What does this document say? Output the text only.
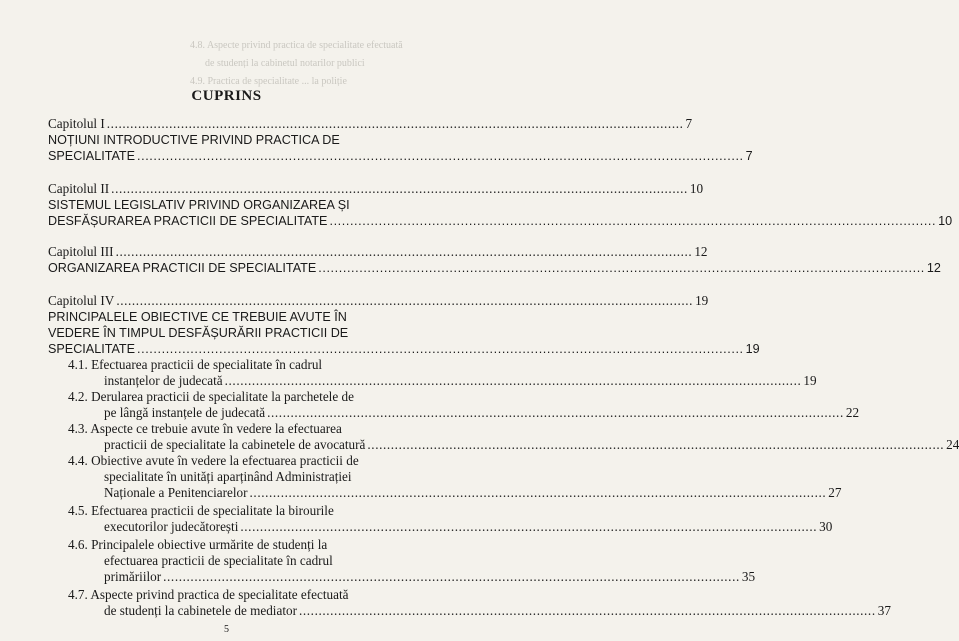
4.8. Aspecte privind practica de specialitate efectuată
de studenți la cabinetul notarilor publici
4.9. Practica de specialitate ... la poliție
CUPRINS
Capitolul I .................................................................................................................................................... 7
NOȚIUNI INTRODUCTIVE PRIVIND PRACTICA DE
SPECIALITATE .................................................................................................................................................... 7
Capitolul II .................................................................................................................................................... 10
SISTEMUL LEGISLATIV PRIVIND ORGANIZAREA ȘI
DESFĂȘURAREA PRACTICII DE SPECIALITATE .................................................................................................................................................... 10
Capitolul III .................................................................................................................................................... 12
ORGANIZAREA PRACTICII DE SPECIALITATE .................................................................................................................................................... 12
Capitolul IV .................................................................................................................................................... 19
PRINCIPALELE OBIECTIVE CE TREBUIE AVUTE ÎN
VEDERE ÎN TIMPUL DESFĂȘURĂRII PRACTICII DE
SPECIALITATE .................................................................................................................................................... 19
4.1. Efectuarea practicii de specialitate în cadrul
instanțelor de judecată .................................................................................................................................................... 19
4.2. Derularea practicii de specialitate la parchetele de
pe lângă instanțele de judecată .................................................................................................................................................... 22
4.3. Aspecte ce trebuie avute în vedere la efectuarea
practicii de specialitate la cabinetele de avocatură .................................................................................................................................................... 24
4.4. Obiective avute în vedere la efectuarea practicii de
specialitate în unități aparținând Administrației
Naționale a Penitenciarelor .................................................................................................................................................... 27
4.5. Efectuarea practicii de specialitate la birourile
executorilor judecătorești .................................................................................................................................................... 30
4.6. Principalele obiective urmărite de studenți la
efectuarea practicii de specialitate în cadrul
primăriilor .................................................................................................................................................... 35
4.7. Aspecte privind practica de specialitate efectuată
de studenți la cabinetele de mediator .................................................................................................................................................... 37
5
